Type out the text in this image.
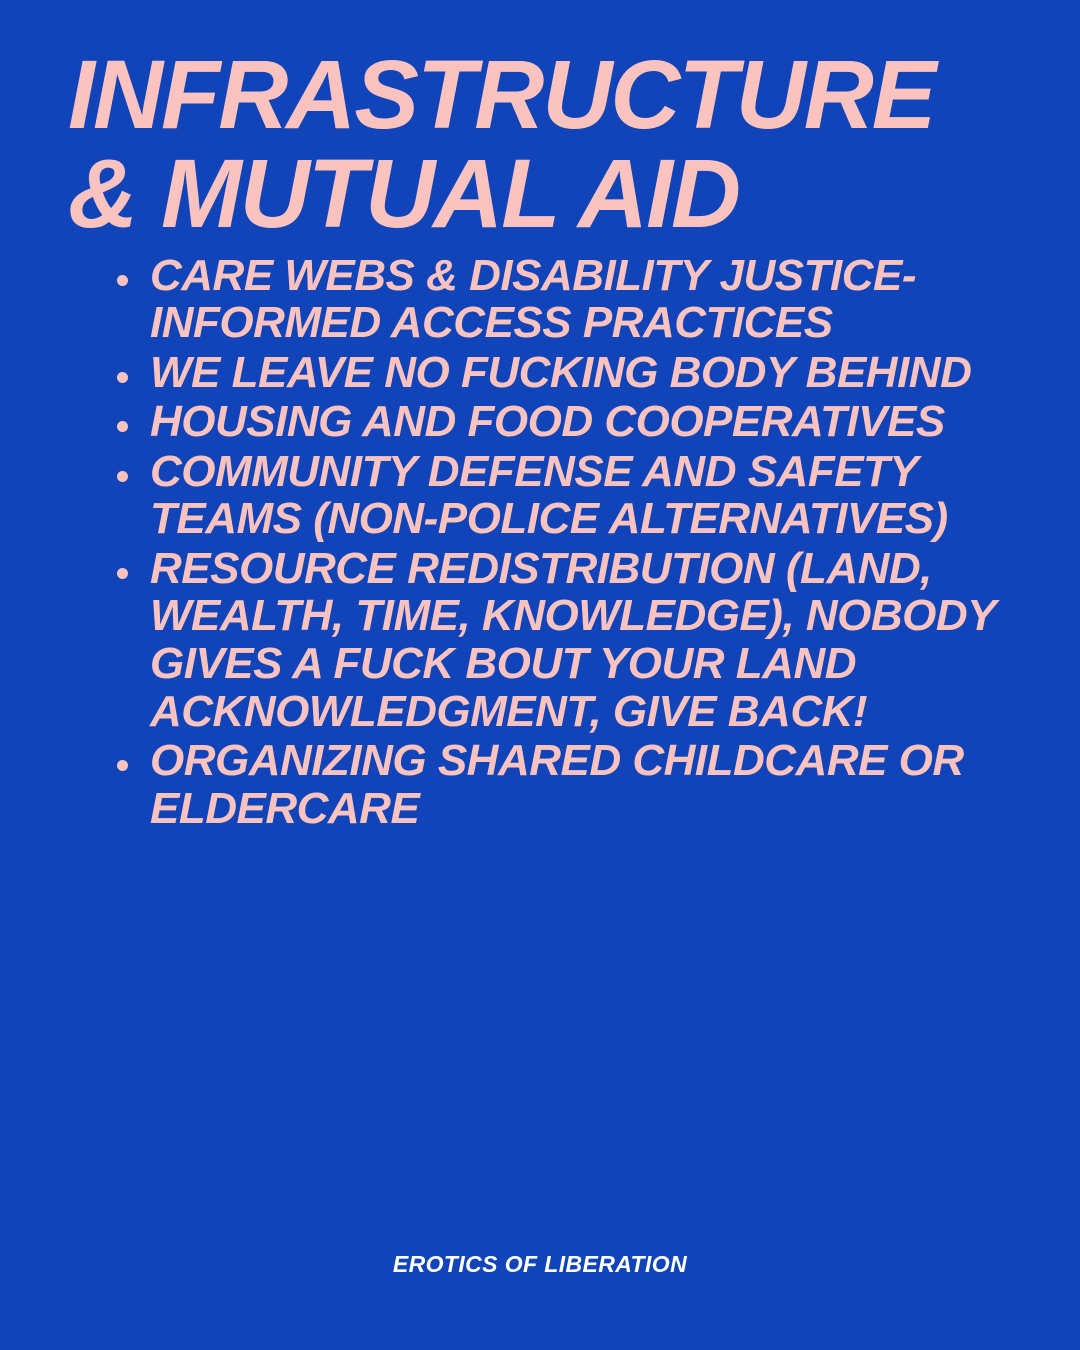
INFRASTRUCTURE & MUTUAL AID
CARE WEBS & DISABILITY JUSTICE-INFORMED ACCESS PRACTICES
WE LEAVE NO FUCKING BODY BEHIND
HOUSING AND FOOD COOPERATIVES
COMMUNITY DEFENSE AND SAFETY TEAMS (NON-POLICE ALTERNATIVES)
RESOURCE REDISTRIBUTION (LAND, WEALTH, TIME, KNOWLEDGE), NOBODY GIVES A FUCK BOUT YOUR LAND ACKNOWLEDGMENT, GIVE BACK!
ORGANIZING SHARED CHILDCARE OR ELDERCARE
EROTICS OF LIBERATION
